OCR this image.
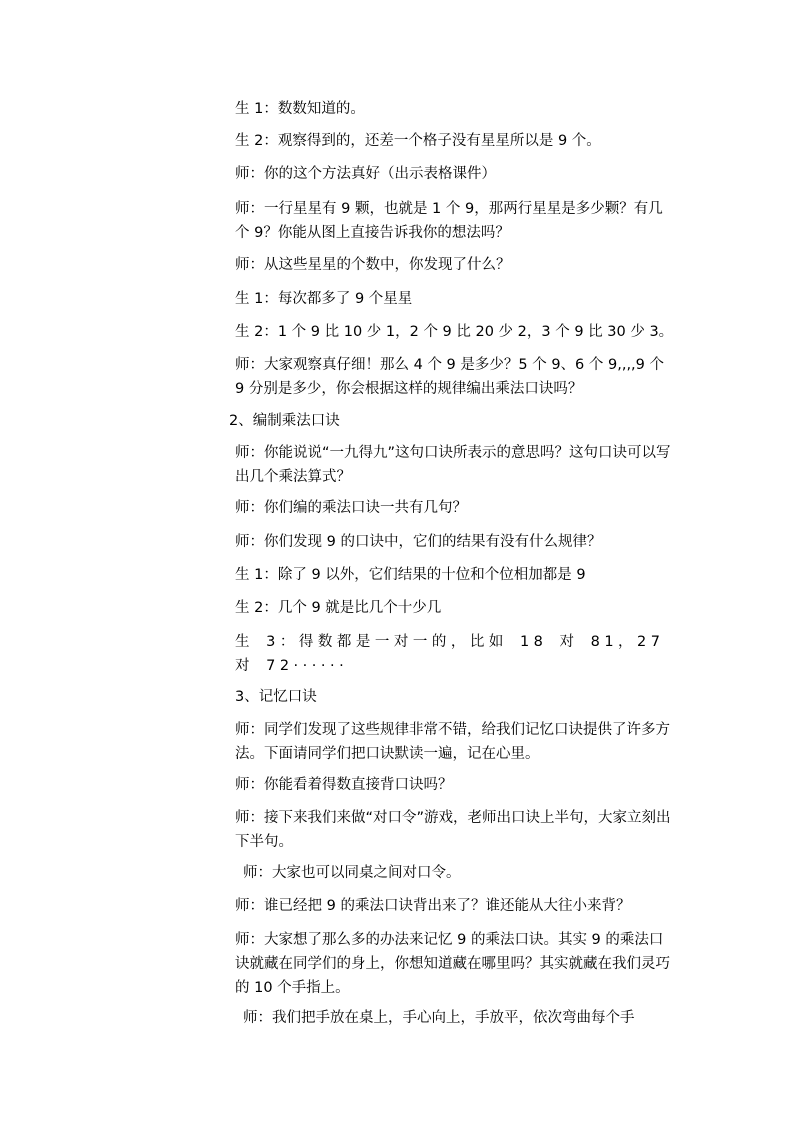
生 1：数数知道的。

生 2：观察得到的，还差一个格子没有星星所以是 9 个。

师：你的这个方法真好（出示表格课件）

师：一行星星有 9 颗，也就是 1 个 9，那两行星星是多少颗？有几个 9？你能从图上直接告诉我你的想法吗？

师：从这些星星的个数中，你发现了什么？

生 1：每次都多了 9 个星星

生 2：1 个 9 比 10 少 1，2 个 9 比 20 少 2，3 个 9 比 30 少 3。

师：大家观察真仔细！那么 4 个 9 是多少？5 个 9、6 个 9,,,,9 个 9 分别是多少，你会根据这样的规律编出乘法口诀吗？

2、编制乘法口诀

师：你能说说“一九得九”这句口诀所表示的意思吗？这句口诀可以写出几个乘法算式？

师：你们编的乘法口诀一共有几句？

师：你们发现 9 的口诀中，它们的结果有没有什么规律？

生 1：除了 9 以外，它们结果的十位和个位相加都是 9

生 2：几个 9 就是比几个十少几

生 3：得数都是一对一的，比如 18 对 81，27 对 72······

3、记忆口诀

师：同学们发现了这些规律非常不错，给我们记忆口诀提供了许多方法。下面请同学们把口诀默读一遍，记在心里。

师：你能看着得数直接背口诀吗？

师：接下来我们来做“对口令”游戏，老师出口诀上半句，大家立刻出下半句。

师：大家也可以同桌之间对口令。

师：谁已经把 9 的乘法口诀背出来了？谁还能从大往小来背？

师：大家想了那么多的办法来记忆 9 的乘法口诀。其实 9 的乘法口诀就藏在同学们的身上，你想知道藏在哪里吗？其实就藏在我们灵巧的 10 个手指上。

师：我们把手放在桌上，手心向上，手放平，依次弯曲每个手
